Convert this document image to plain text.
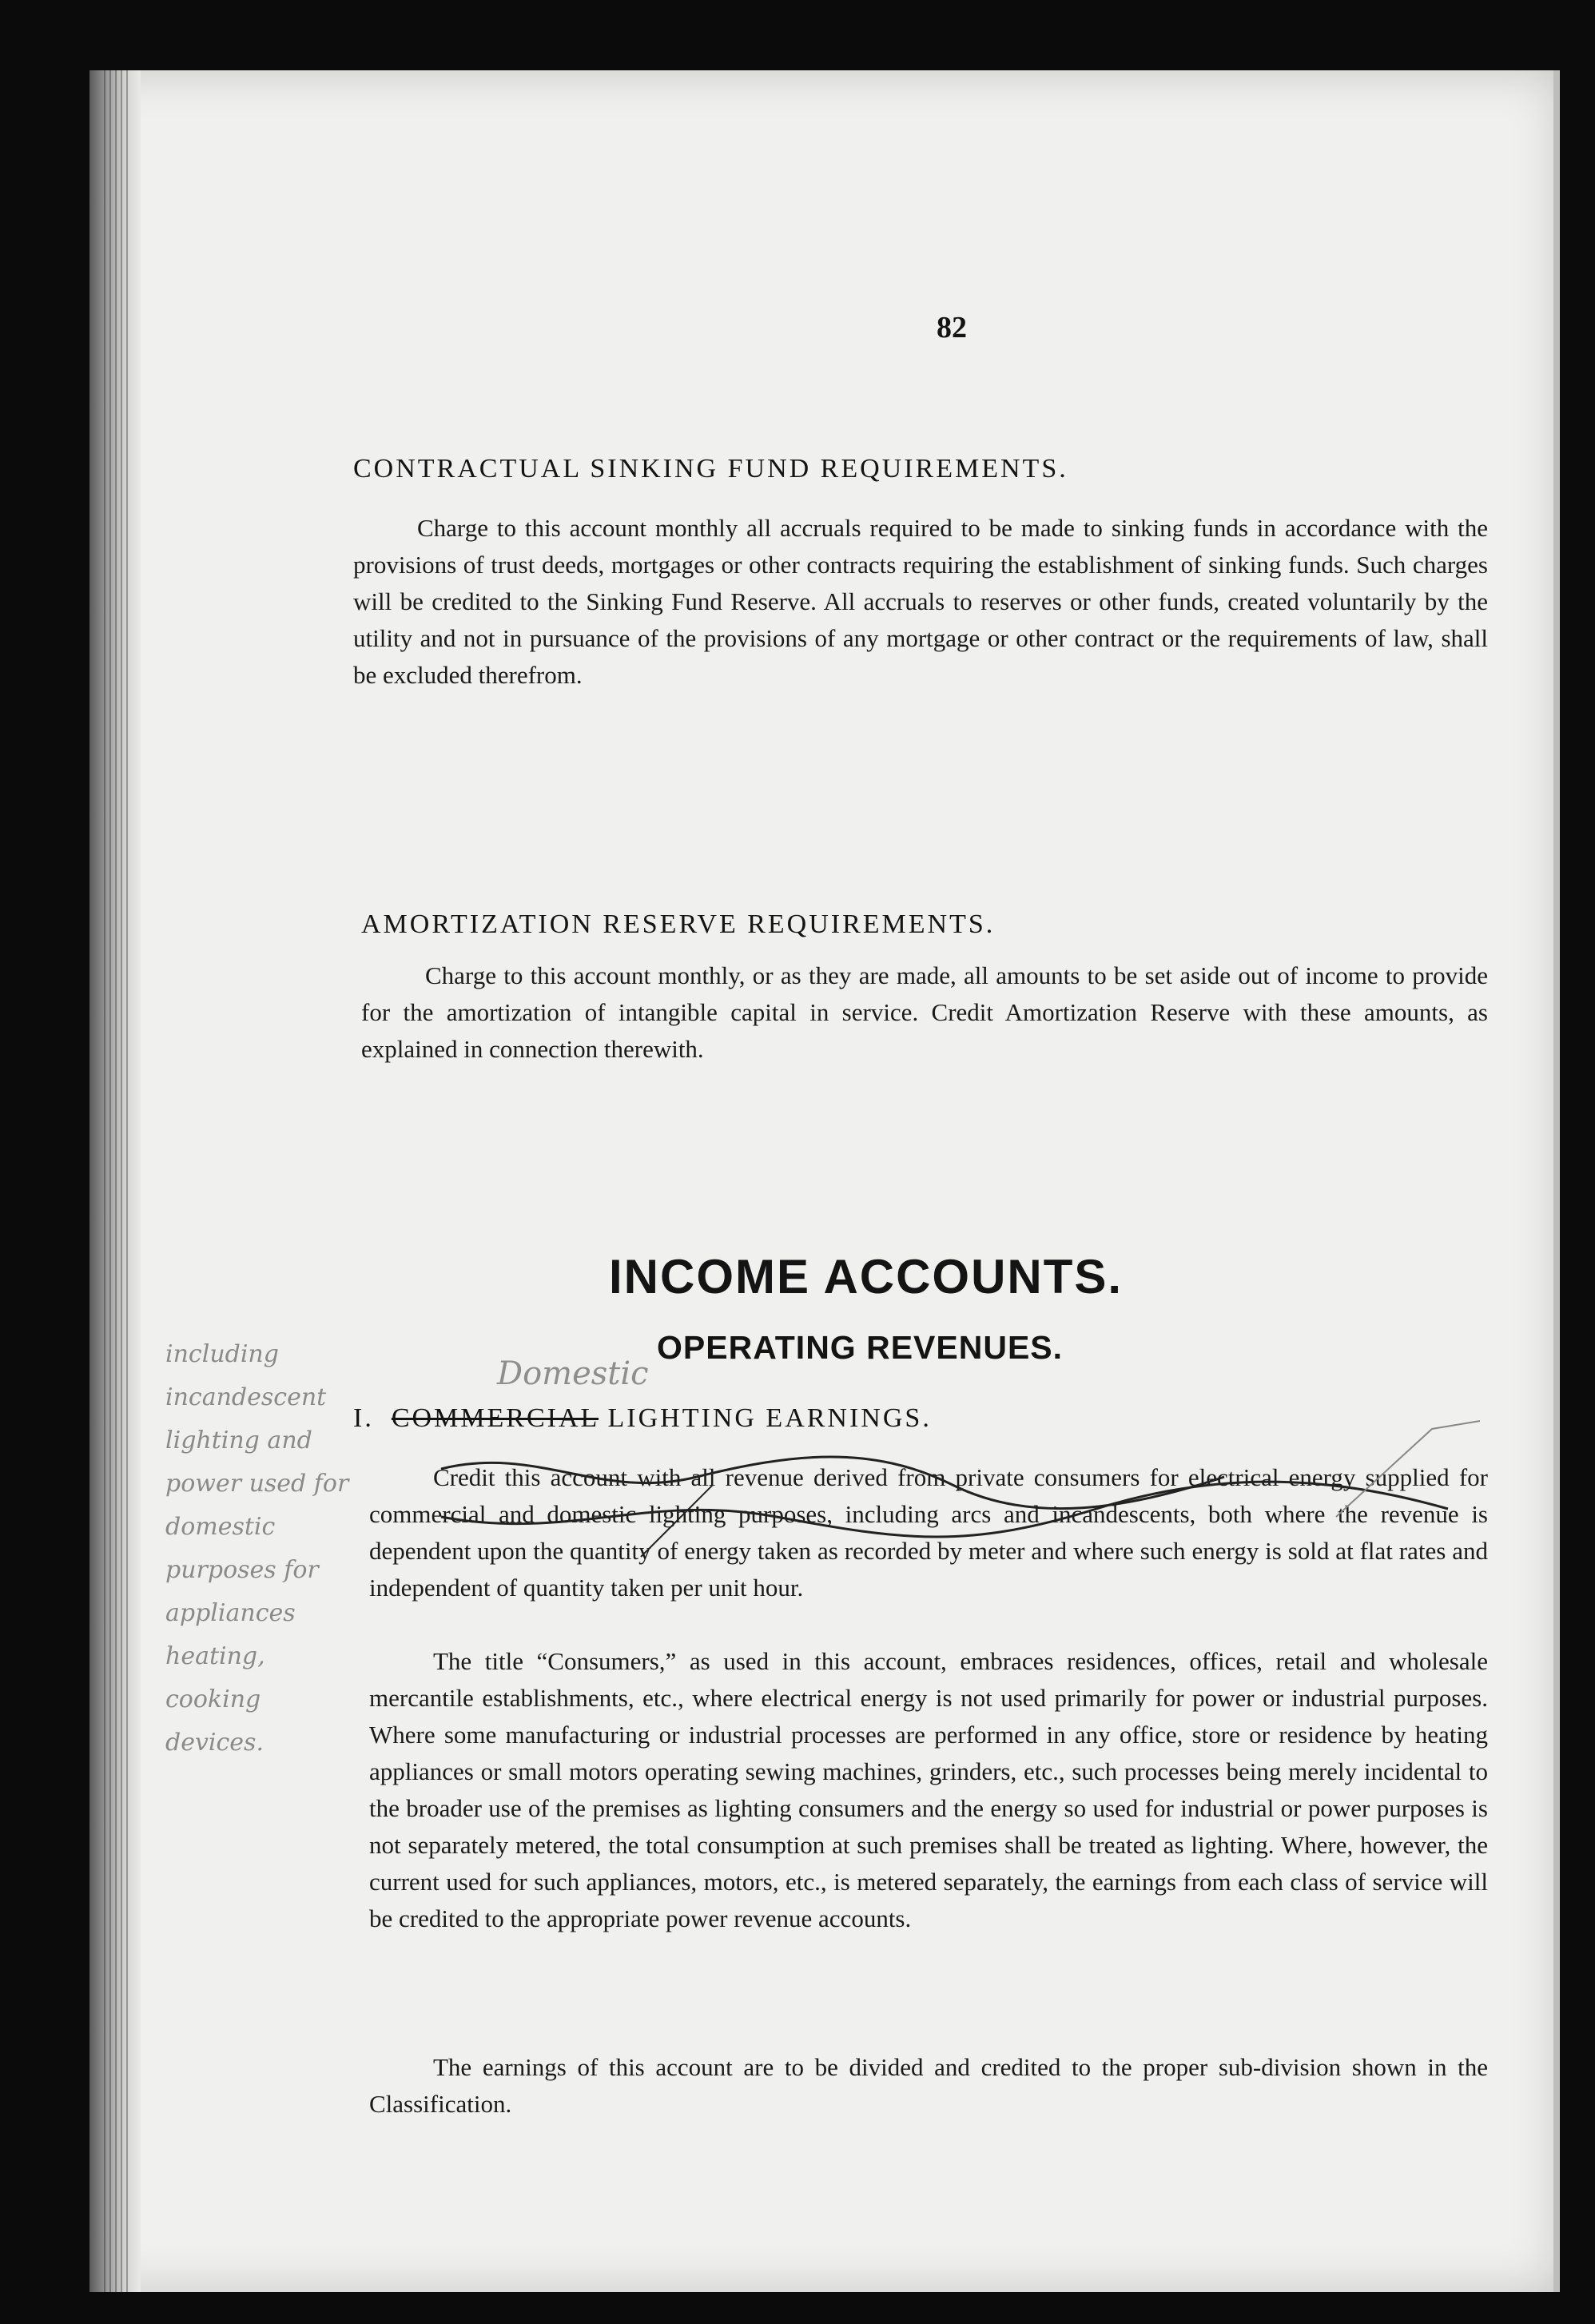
82
CONTRACTUAL SINKING FUND REQUIREMENTS.
Charge to this account monthly all accruals required to be made to sinking funds in accordance with the provisions of trust deeds, mortgages or other contracts requiring the establishment of sinking funds. Such charges will be credited to the Sinking Fund Reserve. All accruals to reserves or other funds, created voluntarily by the utility and not in pursuance of the provisions of any mortgage or other contract or the requirements of law, shall be excluded therefrom.
AMORTIZATION RESERVE REQUIREMENTS.
Charge to this account monthly, or as they are made, all amounts to be set aside out of income to provide for the amortization of intangible capital in service. Credit Amortization Reserve with these amounts, as explained in connection therewith.
INCOME ACCOUNTS.
OPERATING REVENUES.
Domestic
I. COMMERCIAL LIGHTING EARNINGS.
Credit this account with all revenue derived from private consumers for electrical energy supplied for commercial and domestic lighting purposes, including arcs and incandescents, both where the revenue is dependent upon the quantity of energy taken as recorded by meter and where such energy is sold at flat rates and independent of quantity taken per unit hour.
The title “Consumers,” as used in this account, embraces residences, offices, retail and wholesale mercantile establishments, etc., where electrical energy is not used primarily for power or industrial purposes. Where some manufacturing or industrial processes are performed in any office, store or residence by heating appliances or small motors operating sewing machines, grinders, etc., such processes being merely incidental to the broader use of the premises as lighting consumers and the energy so used for industrial or power purposes is not separately metered, the total consumption at such premises shall be treated as lighting. Where, however, the current used for such appliances, motors, etc., is metered separately, the earnings from each class of service will be credited to the appropriate power revenue accounts.
The earnings of this account are to be divided and credited to the proper sub-division shown in the Classification.
including
incandescent
lighting and
power used for
domestic
purposes for
appliances
heating, cooking
devices.
